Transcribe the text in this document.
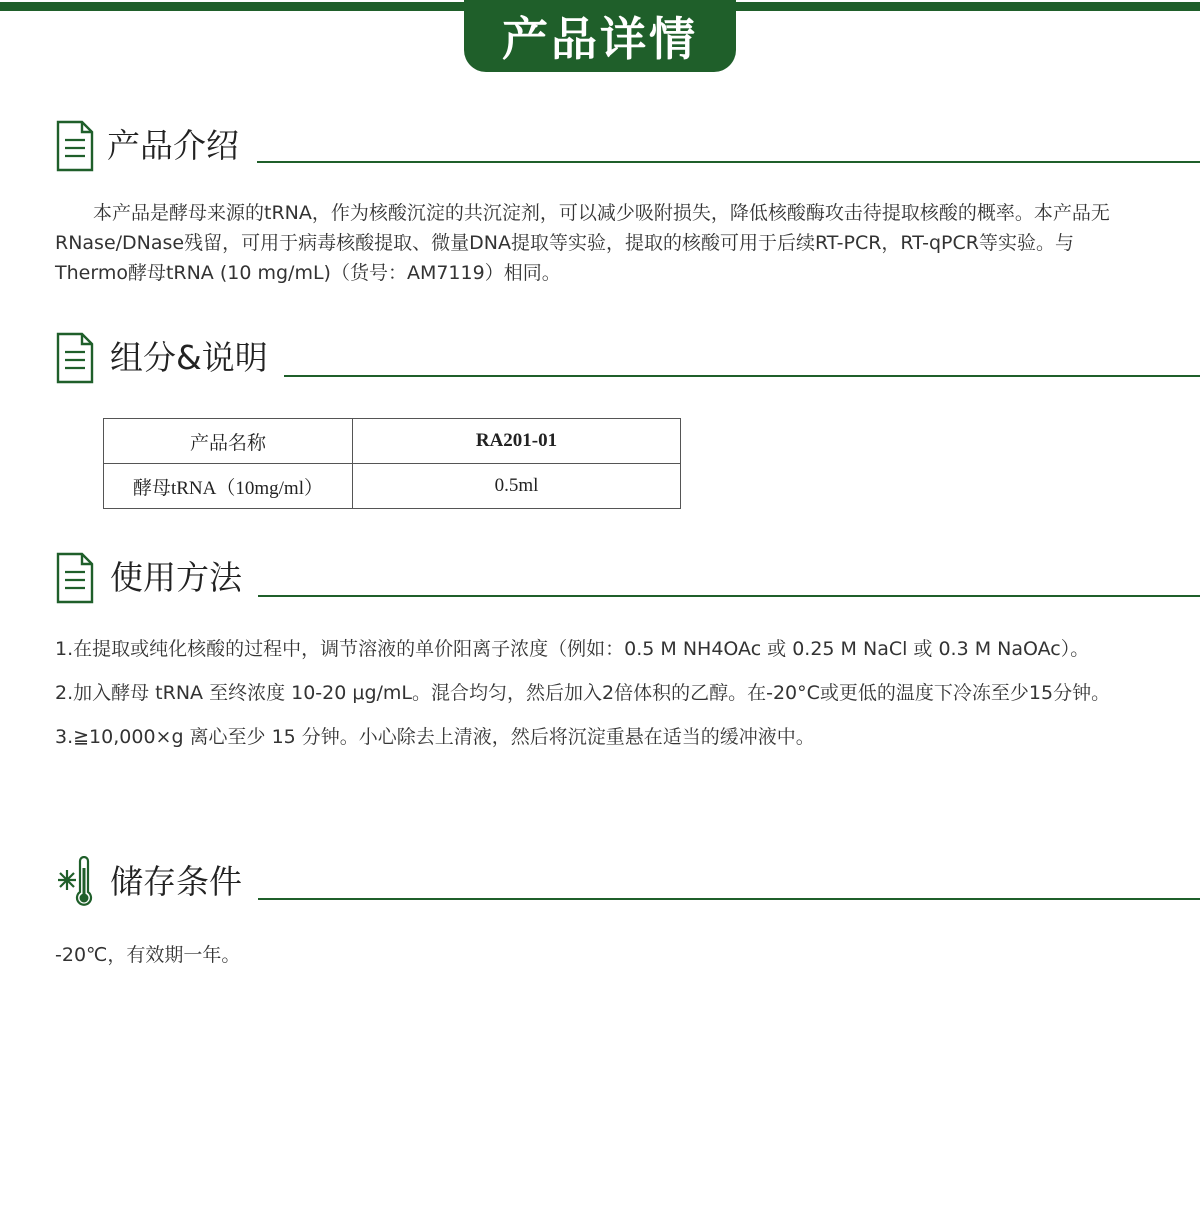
产品详情
产品介绍

本产品是酵母来源的tRNA，作为核酸沉淀的共沉淀剂，可以减少吸附损失，降低核酸酶攻击待提取核酸的概率。本产品无RNase/DNase残留，可用于病毒核酸提取、微量DNA提取等实验，提取的核酸可用于后续RT-PCR，RT-qPCR等实验。与Thermo酵母tRNA (10 mg/mL)（货号：AM7119）相同。

组分&说明
产品名称	RA201-01
酵母tRNA（10mg/ml）	0.5ml
使用方法

1.在提取或纯化核酸的过程中，调节溶液的单价阳离子浓度（例如：0.5 M NH4OAc 或 0.25 M NaCl 或 0.3 M NaOAc）。

2.加入酵母 tRNA 至终浓度 10-20 μg/mL。混合均匀，然后加入2倍体积的乙醇。在-20°C或更低的温度下冷冻至少15分钟。

3.≧10,000×g 离心至少 15 分钟。小心除去上清液，然后将沉淀重悬在适当的缓冲液中。

储存条件

-20℃，有效期一年。
